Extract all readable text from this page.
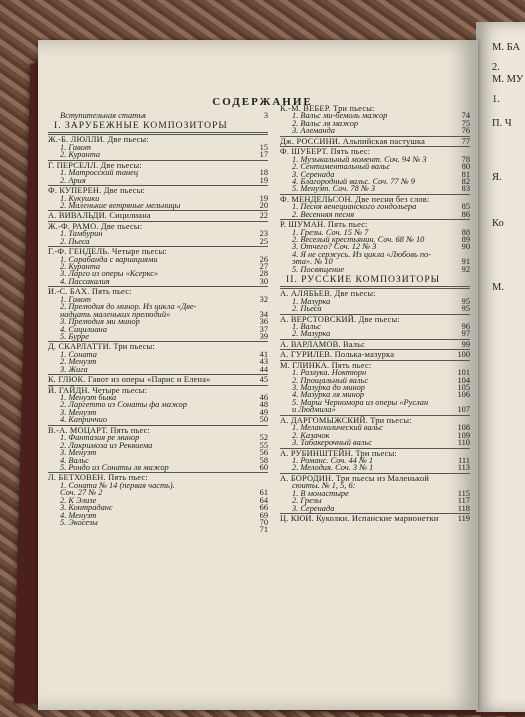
М. БА
2.
М. МУ
1.
П. Ч
Я.
Ко
М.
СОДЕРЖАНИЕ
Вступительная статья	3
I. ЗАРУБЕЖНЫЕ КОМПОЗИТОРЫ
Ж.-Б. ЛЮЛЛИ. Две пьесы:
1. Гавот	15
2. Куранта	17
Г. ПЕРСЕЛЛ. Две пьесы:
1. Матросский танец	18
2. Ария	19
Ф. КУПЕРЕН. Две пьесы:
1. Кукушки	19
2. Маленькие ветряные мельницы	20
А. ВИВАЛЬДИ. Сицилиана	22
Ж.-Ф. РАМО. Две пьесы:
1. Тамбурин	23
2. Пьеса	25
Г.-Ф. ГЕНДЕЛЬ. Четыре пьесы:
1. Сарабанда с вариациями	26
2. Куранта	27
3. Ларго из оперы «Ксеркс»	28
4. Пассакалия	30
И.-С. БАХ. Пять пьес:
1. Гавот	32
2. Прелюдия до минор. Из цикла «Две-
надцать маленьких прелюдий»	34
3. Прелюдия ми минор	36
4. Сицилиана	37
5. Бурре	39
Д. СКАРЛАТТИ. Три пьесы:
1. Соната	41
2. Менуэт	43
3. Жига	44
К. ГЛЮК. Гавот из оперы «Парис и Елена»	45
Й. ГАЙДН. Четыре пьесы:
1. Менуэт быка	46
2. Ларгетто из Сонаты фа мажор	48
3. Менуэт	49
4. Каприччио	50
В.-А. МОЦАРТ. Пять пьес:
1. Фантазия ре минор	52
2. Лакримоза из Реквиема	55
3. Менуэт	56
4. Вальс	58
5. Рондо из Сонаты ля мажор	60
Л. БЕТХОВЕН. Пять пьес:
1. Соната № 14 (первая часть).
Соч. 27 № 2	61
2. К Элизе	64
3. Контраданс	66
4. Менуэт	69
5. Экосезы	70
71
К.-М. ВЕБЕР. Три пьесы:
1. Вальс ми-бемоль мажор	74
2. Вальс ля мажор	75
3. Алеманда	76
Дж. РОССИНИ. Альпийская пастушка	77
Ф. ШУБЕРТ. Пять пьес:
1. Музыкальный момент. Соч. 94 № 3	78
2. Сентиментальный вальс	80
3. Серенада	81
4. Благородный вальс. Соч. 77 № 9	82
5. Менуэт. Соч. 78 № 3	83
Ф. МЕНДЕЛЬСОН. Две песни без слов:
1. Песня венецианского гондольера	85
2. Весенняя песня	86
Р. ШУМАН. Пять пьес:
1. Грезы. Соч. 15 № 7	88
2. Веселый крестьянин. Соч. 68 № 10	89
3. Отчего? Соч. 12 № 3	90
4. Я не сержусь. Из цикла «Любовь по-
эта». № 10	91
5. Посвящение	92
II. РУССКИЕ КОМПОЗИТОРЫ
А. АЛЯБЬЕВ. Две пьесы:
1. Мазурка	95
2. Пьеса	95
А. ВЕРСТОВСКИЙ. Две пьесы:
1. Вальс	96
2. Мазурка	97
А. ВАРЛАМОВ. Вальс	99
А. ГУРИЛЕВ. Полька-мазурка	100
М. ГЛИНКА. Пять пьес:
1. Разлука. Ноктюрн	101
2. Прощальный вальс	104
3. Мазурка до минор	105
4. Мазурка ля минор	106
5. Марш Черномора из оперы «Руслан
и Людмила»	107
А. ДАРГОМЫЖСКИЙ. Три пьесы:
1. Меланхолический вальс	108
2. Казачок	109
3. Табакерочный вальс	110
А. РУБИНШТЕЙН. Три пьесы:
1. Романс. Соч. 44 № 1	111
2. Мелодия. Соч. 3 № 1	113
А. БОРОДИН. Три пьесы из Маленькой
сюиты. № 1, 5, 6:
1. В монастыре	115
2. Грезы	117
3. Серенада	118
Ц. КЮИ. Куколки. Испанские марионетки 119
